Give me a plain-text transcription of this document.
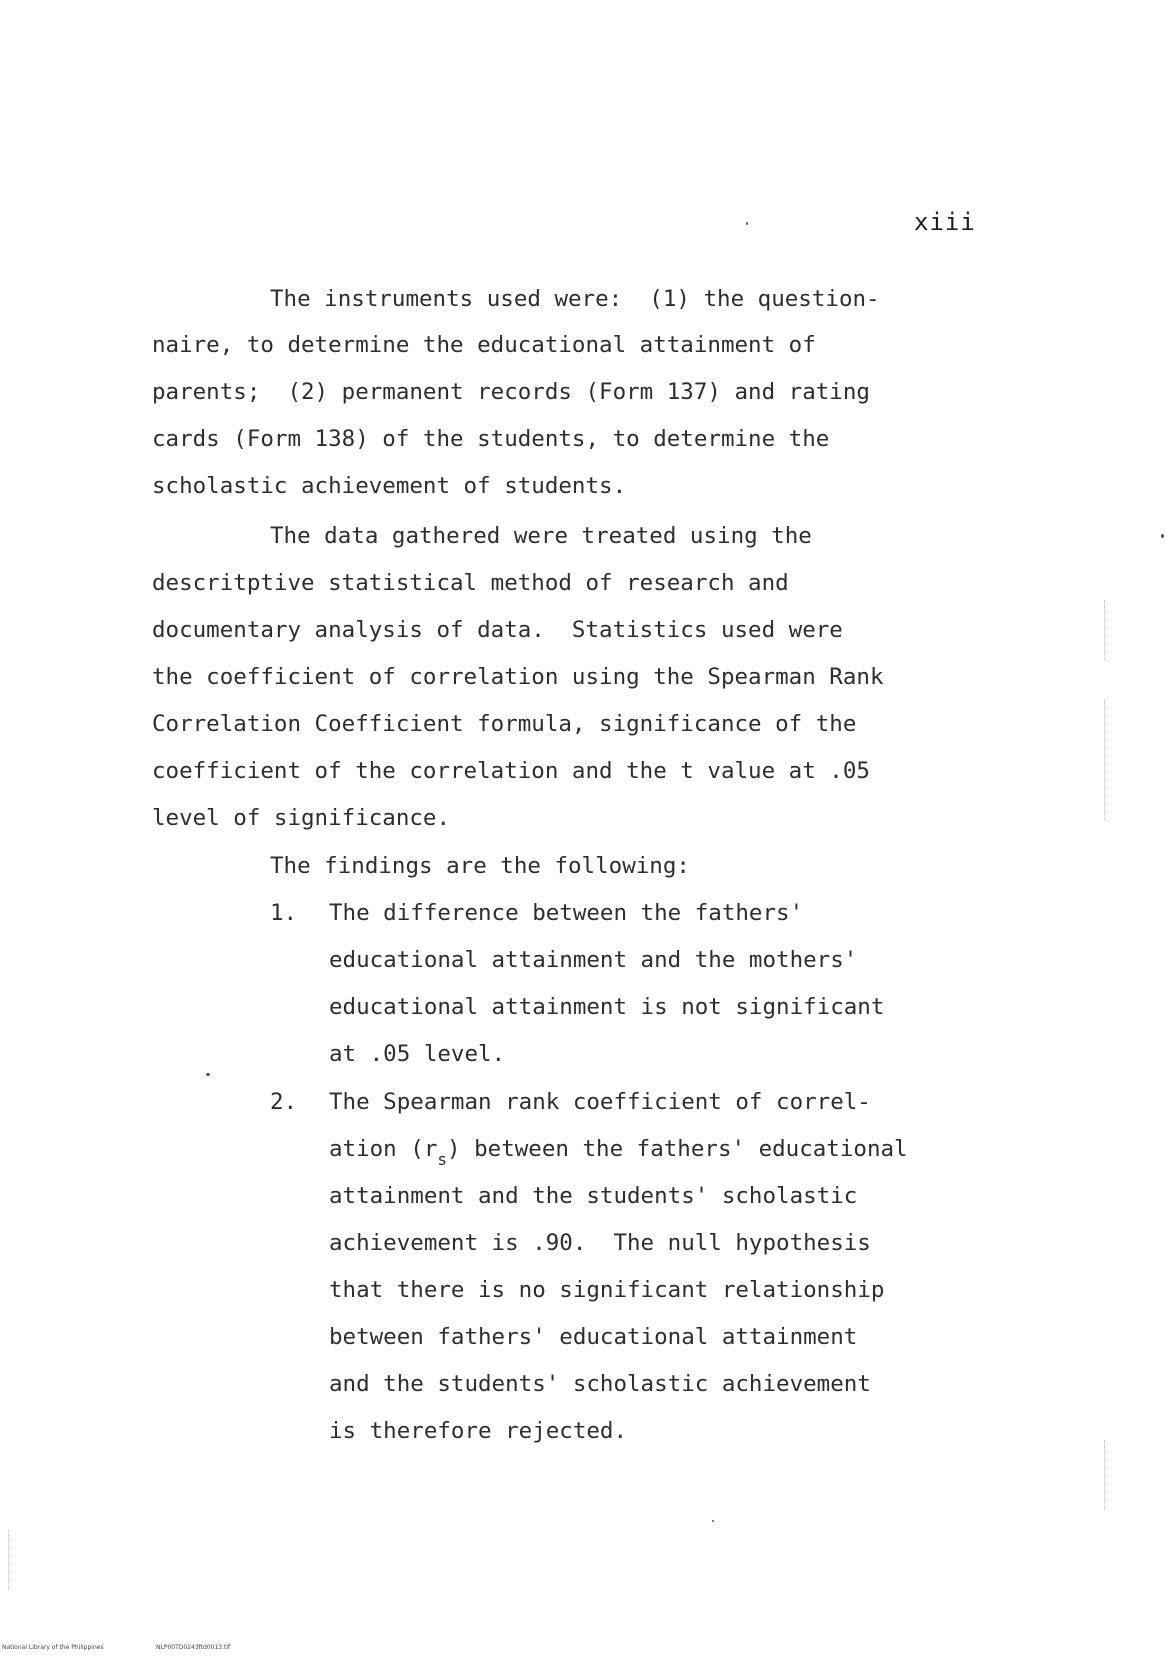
xiii
The instruments used were:  (1) the question-
naire, to determine the educational attainment of
parents;  (2) permanent records (Form 137) and rating
cards (Form 138) of the students, to determine the
scholastic achievement of students.
The data gathered were treated using the
descritptive statistical method of research and
documentary analysis of data.  Statistics used were
the coefficient of correlation using the Spearman Rank
Correlation Coefficient formula, significance of the
coefficient of the correlation and the t value at .05
level of significance.
The findings are the following:
1. The difference between the fathers'
educational attainment and the mothers'
educational attainment is not significant
at .05 level.
2. The Spearman rank coefficient of correl-
ation $(r_s)$ between the fathers' educational
attainment and the students' scholastic
achievement is .90.  The null hypothesis
that there is no significant relationship
between fathers' educational attainment
and the students' scholastic achievement
is therefore rejected.
National Library of the Philippines	NLP00TD0243ftd0013.tif
